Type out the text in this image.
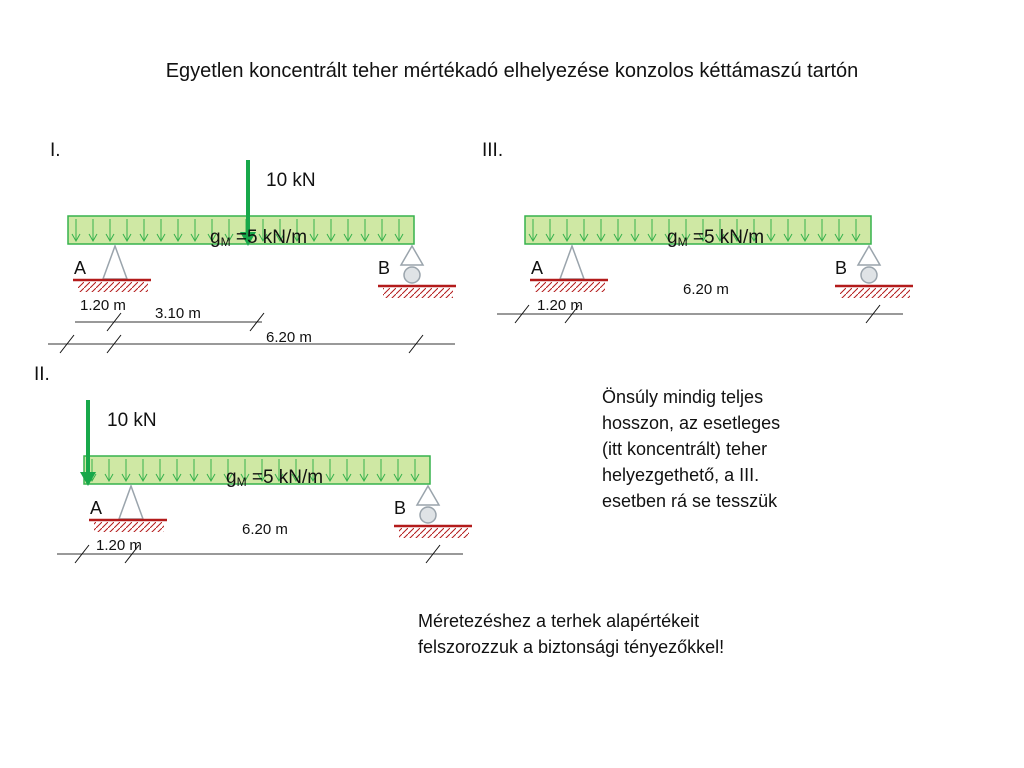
Egyetlen koncentrált teher mértékadó elhelyezése konzolos kéttámaszú tartón
I.
10 kN
$g_M =5$ kN/m
A	B
1.20 m 3.10 m
6.20 m
III.
$g_M =5$ kN/m
A	B
6.20 m
1.20 m
II.
10 kN
$g_M =5$ kN/m
A	B
6.20 m
1.20 m
Önsúly mindig teljes
hosszon, az esetleges
(itt koncentrált) teher
helyezgethető, a III.
esetben rá se tesszük
Méretezéshez a terhek alapértékeit
felszorozzuk a biztonsági tényezőkkel!
